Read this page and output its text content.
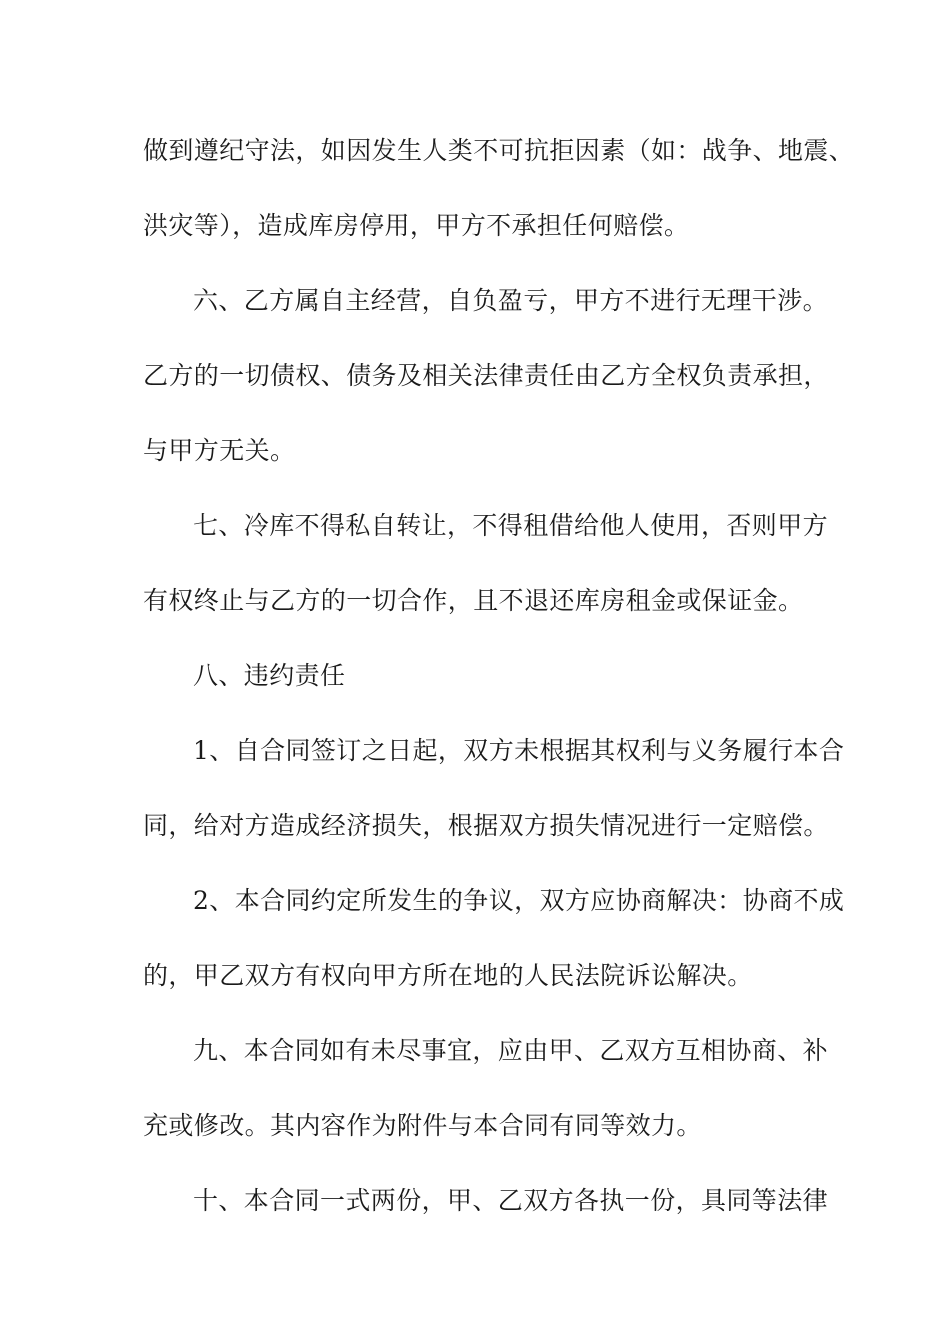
做到遵纪守法，如因发生人类不可抗拒因素（如：战争、地震、
洪灾等），造成库房停用，甲方不承担任何赔偿。
六、乙方属自主经营，自负盈亏，甲方不进行无理干涉。
乙方的一切债权、债务及相关法律责任由乙方全权负责承担，
与甲方无关。
七、冷库不得私自转让，不得租借给他人使用，否则甲方
有权终止与乙方的一切合作，且不退还库房租金或保证金。
八、违约责任
1、自合同签订之日起，双方未根据其权利与义务履行本合
同，给对方造成经济损失，根据双方损失情况进行一定赔偿。
2、本合同约定所发生的争议，双方应协商解决：协商不成
的，甲乙双方有权向甲方所在地的人民法院诉讼解决。
九、本合同如有未尽事宜，应由甲、乙双方互相协商、补
充或修改。其内容作为附件与本合同有同等效力。
十、本合同一式两份，甲、乙双方各执一份，具同等法律
